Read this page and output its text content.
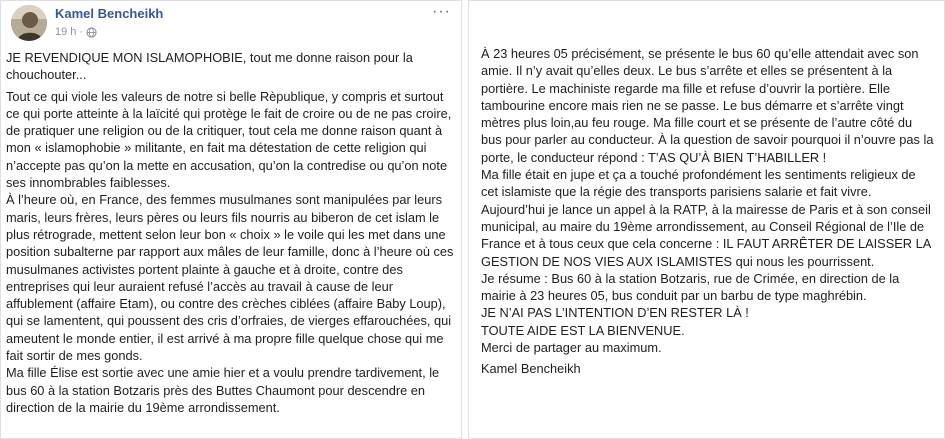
Kamel Bencheikh
19 h ·
···

JE REVENDIQUE MON ISLAMOPHOBIE, tout me donne raison pour la chouchouter...

Tout ce qui viole les valeurs de notre si belle Rèpublique, y compris et surtout ce qui porte atteinte à la laïcité qui protège le fait de croire ou de ne pas croire, de pratiquer une religion ou de la critiquer, tout cela me donne raison quant à mon « islamophobie » militante, en fait ma détestation de cette religion qui n’accepte pas qu’on la mette en accusation, qu’on la contredise ou qu’on note ses innombrables faiblesses.

À l’heure où, en France, des femmes musulmanes sont manipulées par leurs maris, leurs frères, leurs pères ou leurs fils nourris au biberon de cet islam le plus rétrograde, mettent selon leur bon « choix » le voile qui les met dans une position subalterne par rapport aux mâles de leur famille, donc à l’heure où ces musulmanes activistes portent plainte à gauche et à droite, contre des entreprises qui leur auraient refusé l’accès au travail à cause de leur affublement (affaire Etam), ou contre des crèches ciblées (affaire Baby Loup), qui se lamentent, qui poussent des cris d’orfraies, de vierges effarouchées, qui ameutent le monde entier, il est arrivé à ma propre fille quelque chose qui me fait sortir de mes gonds.

Ma fille Élise est sortie avec une amie hier et a voulu prendre tardivement, le bus 60 à la station Botzaris près des Buttes Chaumont pour descendre en direction de la mairie du 19ème arrondissement.

À 23 heures 05 précisément, se présente le bus 60 qu’elle attendait avec son amie. Il n’y avait qu’elles deux. Le bus s’arrête et elles se présentent à la portière. Le machiniste regarde ma fille et refuse d’ouvrir la portière. Elle tambourine encore mais rien ne se passe. Le bus démarre et s’arrête vingt mètres plus loin,au feu rouge. Ma fille court et se présente de l’autre côté du bus pour parler au conducteur. À la question de savoir pourquoi il n’ouvre pas la porte, le conducteur répond : T’AS QU’À BIEN T’HABILLER !

Ma fille était en jupe et ça a touché profondément les sentiments religieux de cet islamiste que la régie des transports parisiens salarie et fait vivre.

Aujourd’hui je lance un appel à la RATP, à la mairesse de Paris et à son conseil municipal, au maire du 19ème arrondissement, au Conseil Régional de l’Ile de France et à tous ceux que cela concerne : IL FAUT ARRÊTER DE LAISSER LA GESTION DE NOS VIES AUX ISLAMISTES qui nous les pourrissent.

Je résume : Bus 60 à la station Botzaris, rue de Crimée, en direction de la mairie à 23 heures 05, bus conduit par un barbu de type maghrébin.

JE N’AI PAS L’INTENTION D’EN RESTER LÀ !

TOUTE AIDE EST LA BIENVENUE.

Merci de partager au maximum.

Kamel Bencheikh
